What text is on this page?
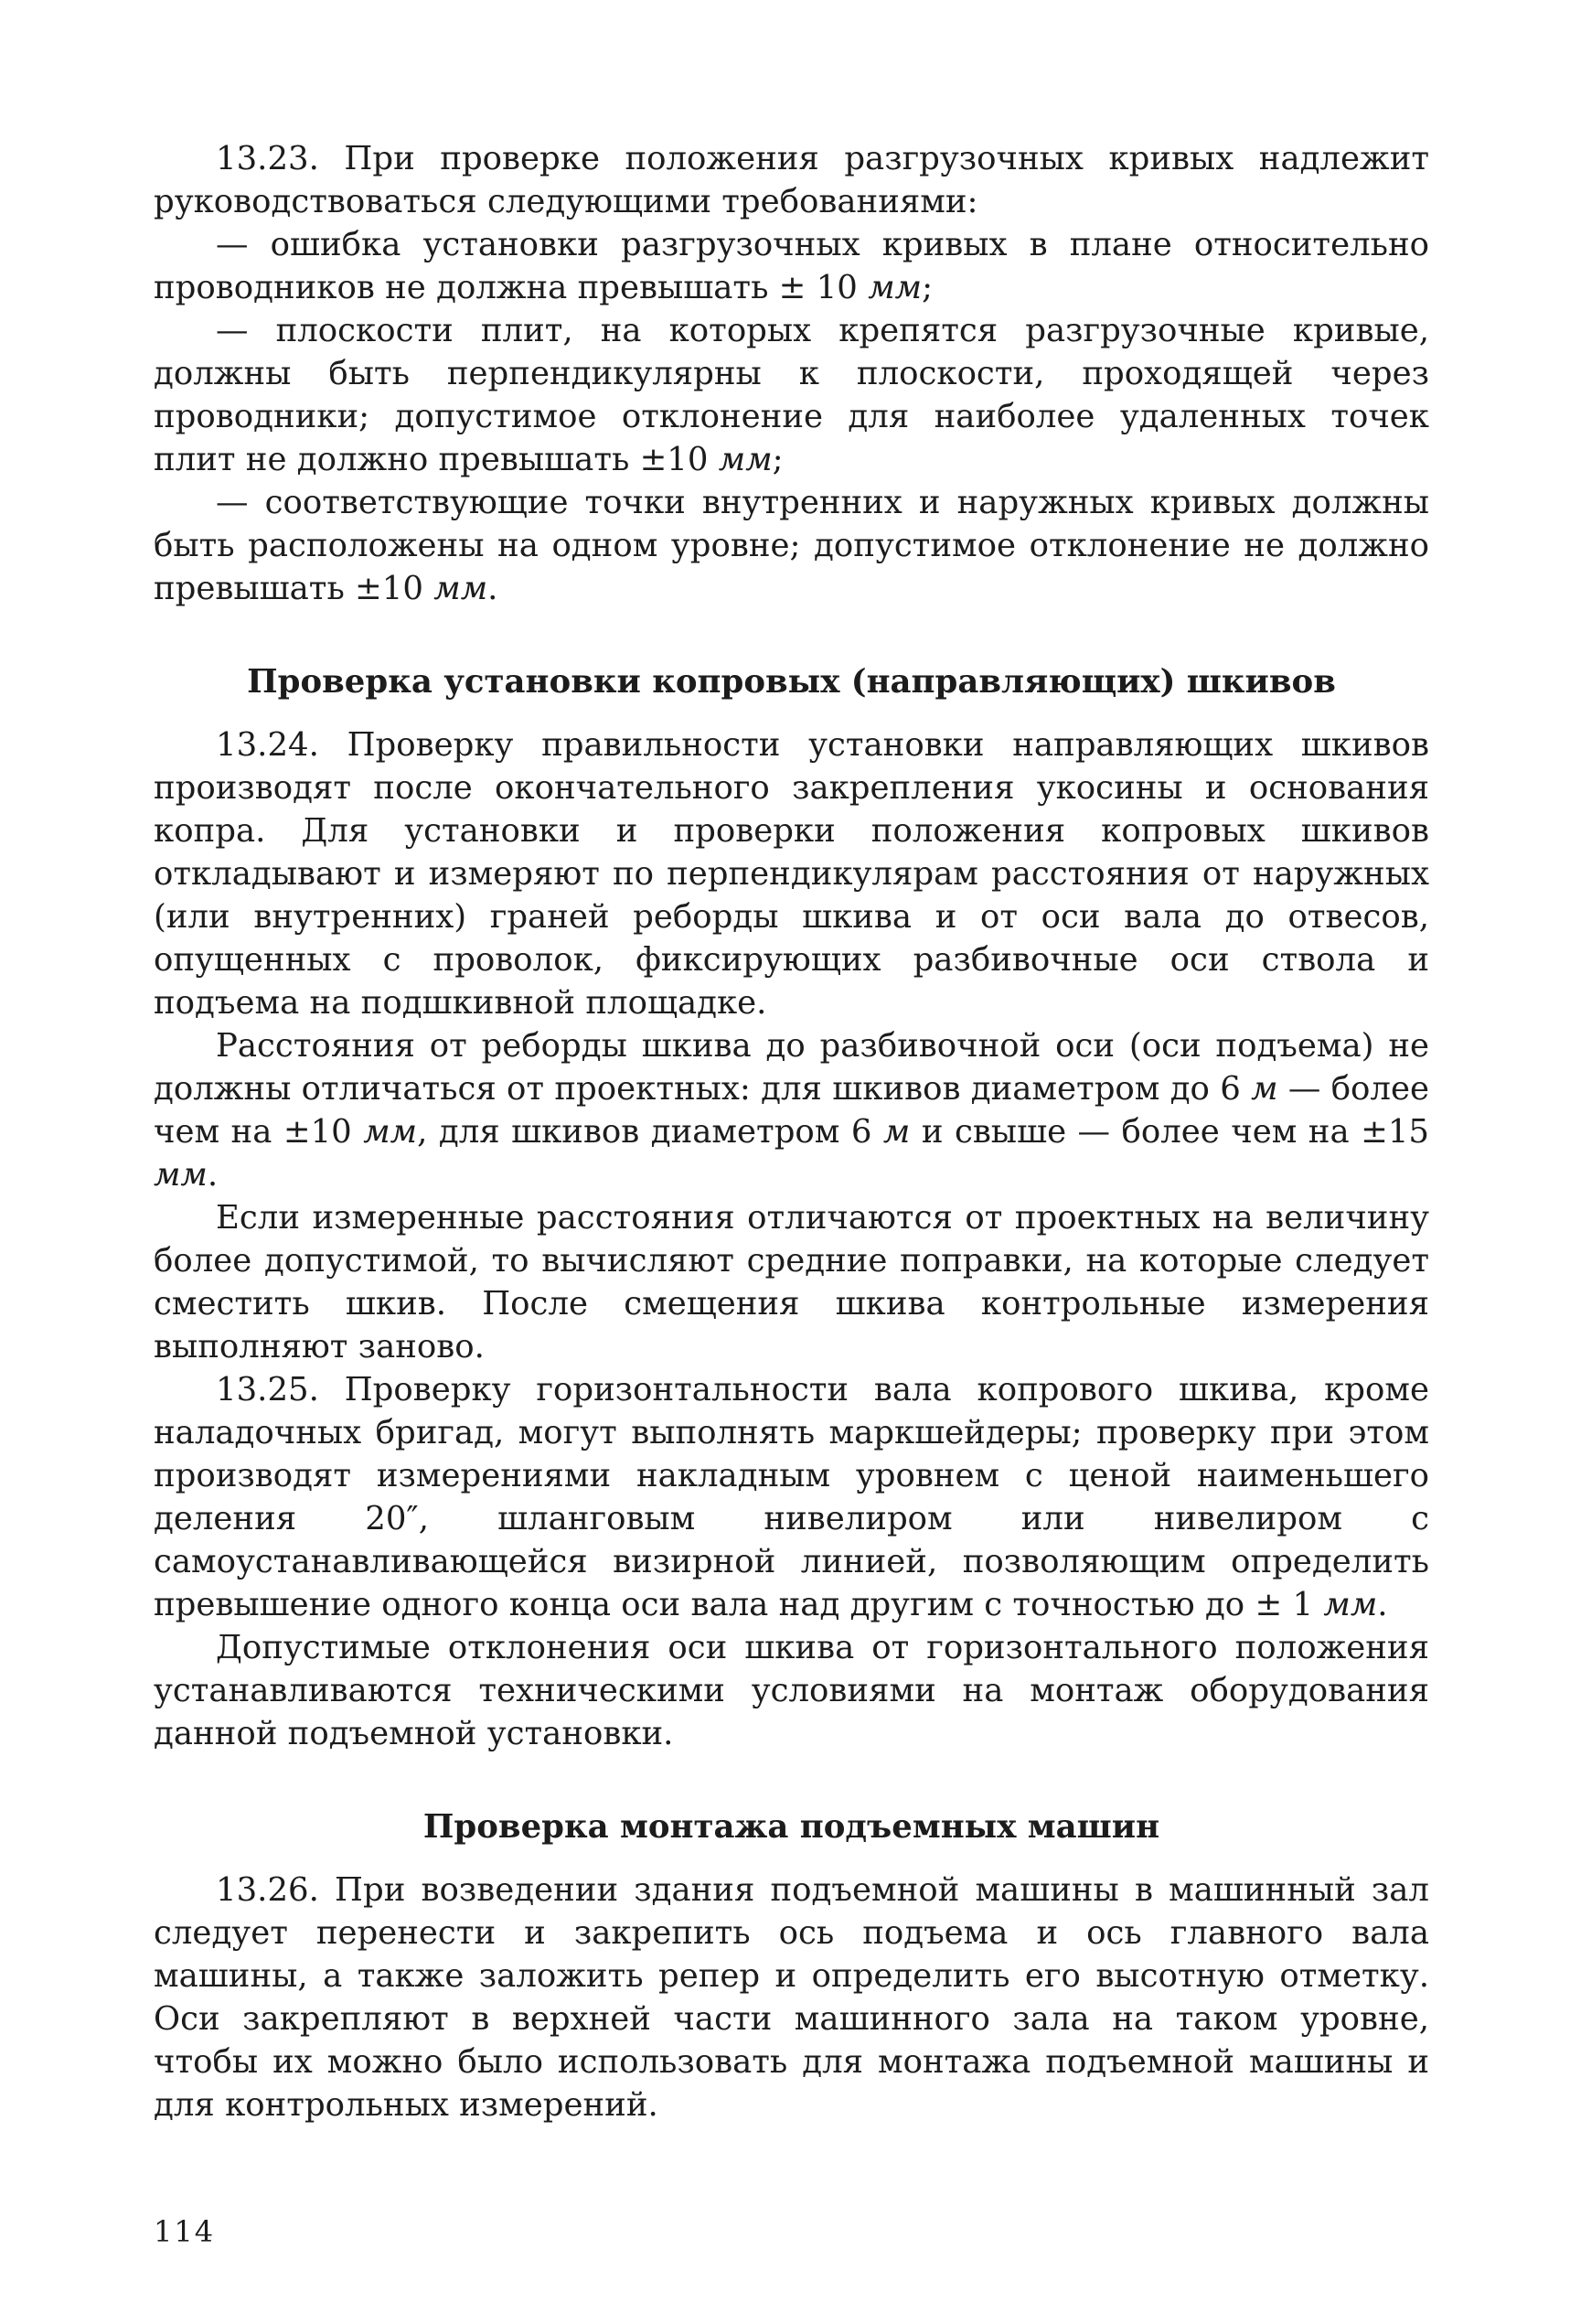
13.23. При проверке положения разгрузочных кривых надлежит руководствоваться следующими требованиями:

— ошибка установки разгрузочных кривых в плане относительно проводников не должна превышать ± 10 мм;

— плоскости плит, на которых крепятся разгрузочные кривые, должны быть перпендикулярны к плоскости, проходящей через проводники; допустимое отклонение для наиболее удаленных точек плит не должно превышать ±10 мм;

— соответствующие точки внутренних и наружных кривых должны быть расположены на одном уровне; допустимое отклонение не должно превышать ±10 мм.

Проверка установки копровых (направляющих) шкивов

13.24. Проверку правильности установки направляющих шкивов производят после окончательного закрепления укосины и основания копра. Для установки и проверки положения копровых шкивов откладывают и измеряют по перпендикулярам расстояния от наружных (или внутренних) граней реборды шкива и от оси вала до отвесов, опущенных с проволок, фиксирующих разбивочные оси ствола и подъема на подшкивной площадке.

Расстояния от реборды шкива до разбивочной оси (оси подъема) не должны отличаться от проектных: для шкивов диаметром до 6 м — более чем на ±10 мм, для шкивов диаметром 6 м и свыше — более чем на ±15 мм.

Если измеренные расстояния отличаются от проектных на величину более допустимой, то вычисляют средние поправки, на которые следует сместить шкив. После смещения шкива контрольные измерения выполняют заново.

13.25. Проверку горизонтальности вала копрового шкива, кроме наладочных бригад, могут выполнять маркшейдеры; проверку при этом производят измерениями накладным уровнем с ценой наименьшего деления 20″, шланговым нивелиром или нивелиром с самоустанавливающейся визирной линией, позволяющим определить превышение одного конца оси вала над другим с точностью до ± 1 мм.

Допустимые отклонения оси шкива от горизонтального положения устанавливаются техническими условиями на монтаж оборудования данной подъемной установки.

Проверка монтажа подъемных машин

13.26. При возведении здания подъемной машины в машинный зал следует перенести и закрепить ось подъема и ось главного вала машины, а также заложить репер и определить его высотную отметку. Оси закрепляют в верхней части машинного зала на таком уровне, чтобы их можно было использовать для монтажа подъемной машины и для контрольных измерений.

114
